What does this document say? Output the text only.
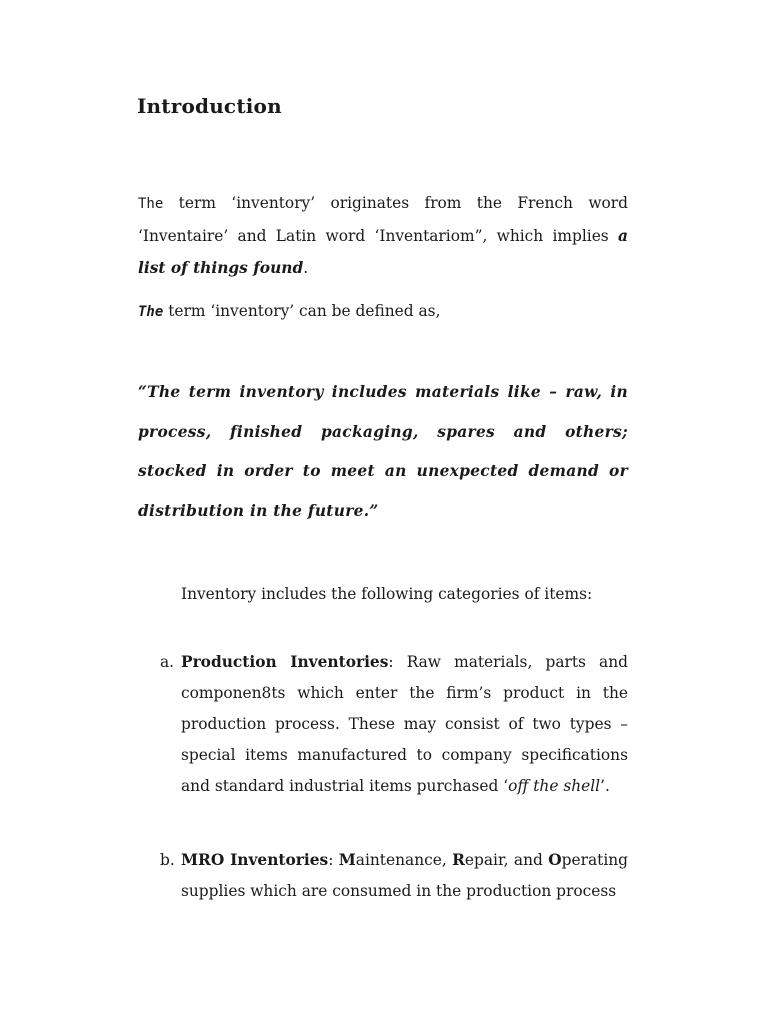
Introduction

The term ‘inventory’ originates from the French word ‘Inventaire’ and Latin word ‘Inventariom”, which implies a list of things found.

The term ‘inventory’ can be defined as,

“The term inventory includes materials like – raw, in process, finished packaging, spares and others; stocked in order to meet an unexpected demand or distribution in the future.”

Inventory includes the following categories of items:

a. Production Inventories: Raw materials, parts and componen8ts which enter the firm’s product in the production process. These may consist of two types – special items manufactured to company specifications and standard industrial items purchased ‘off the shell’.
b. MRO Inventories: Maintenance, Repair, and Operating supplies which are consumed in the production process
